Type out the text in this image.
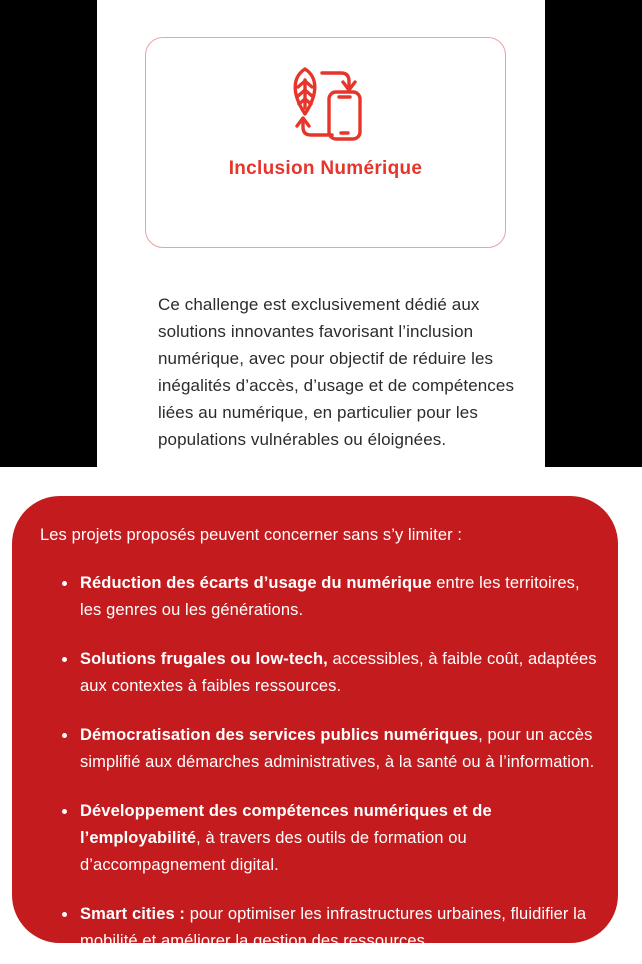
Inclusion Numérique

Ce challenge est exclusivement dédié aux solutions innovantes favorisant l’inclusion numérique, avec pour objectif de réduire les inégalités d’accès, d’usage et de compétences liées au numérique, en particulier pour les populations vulnérables ou éloignées.

Les projets proposés peuvent concerner sans s’y limiter :
Réduction des écarts d’usage du numérique entre les territoires, les genres ou les générations.
Solutions frugales ou low-tech, accessibles, à faible coût, adaptées aux contextes à faibles ressources.
Démocratisation des services publics numériques, pour un accès simplifié aux démarches administratives, à la santé ou à l’information.
Développement des compétences numériques et de l’employabilité, à travers des outils de formation ou d’accompagnement digital.
Smart cities : pour optimiser les infrastructures urbaines, fluidifier la mobilité et améliorer la gestion des ressources.
